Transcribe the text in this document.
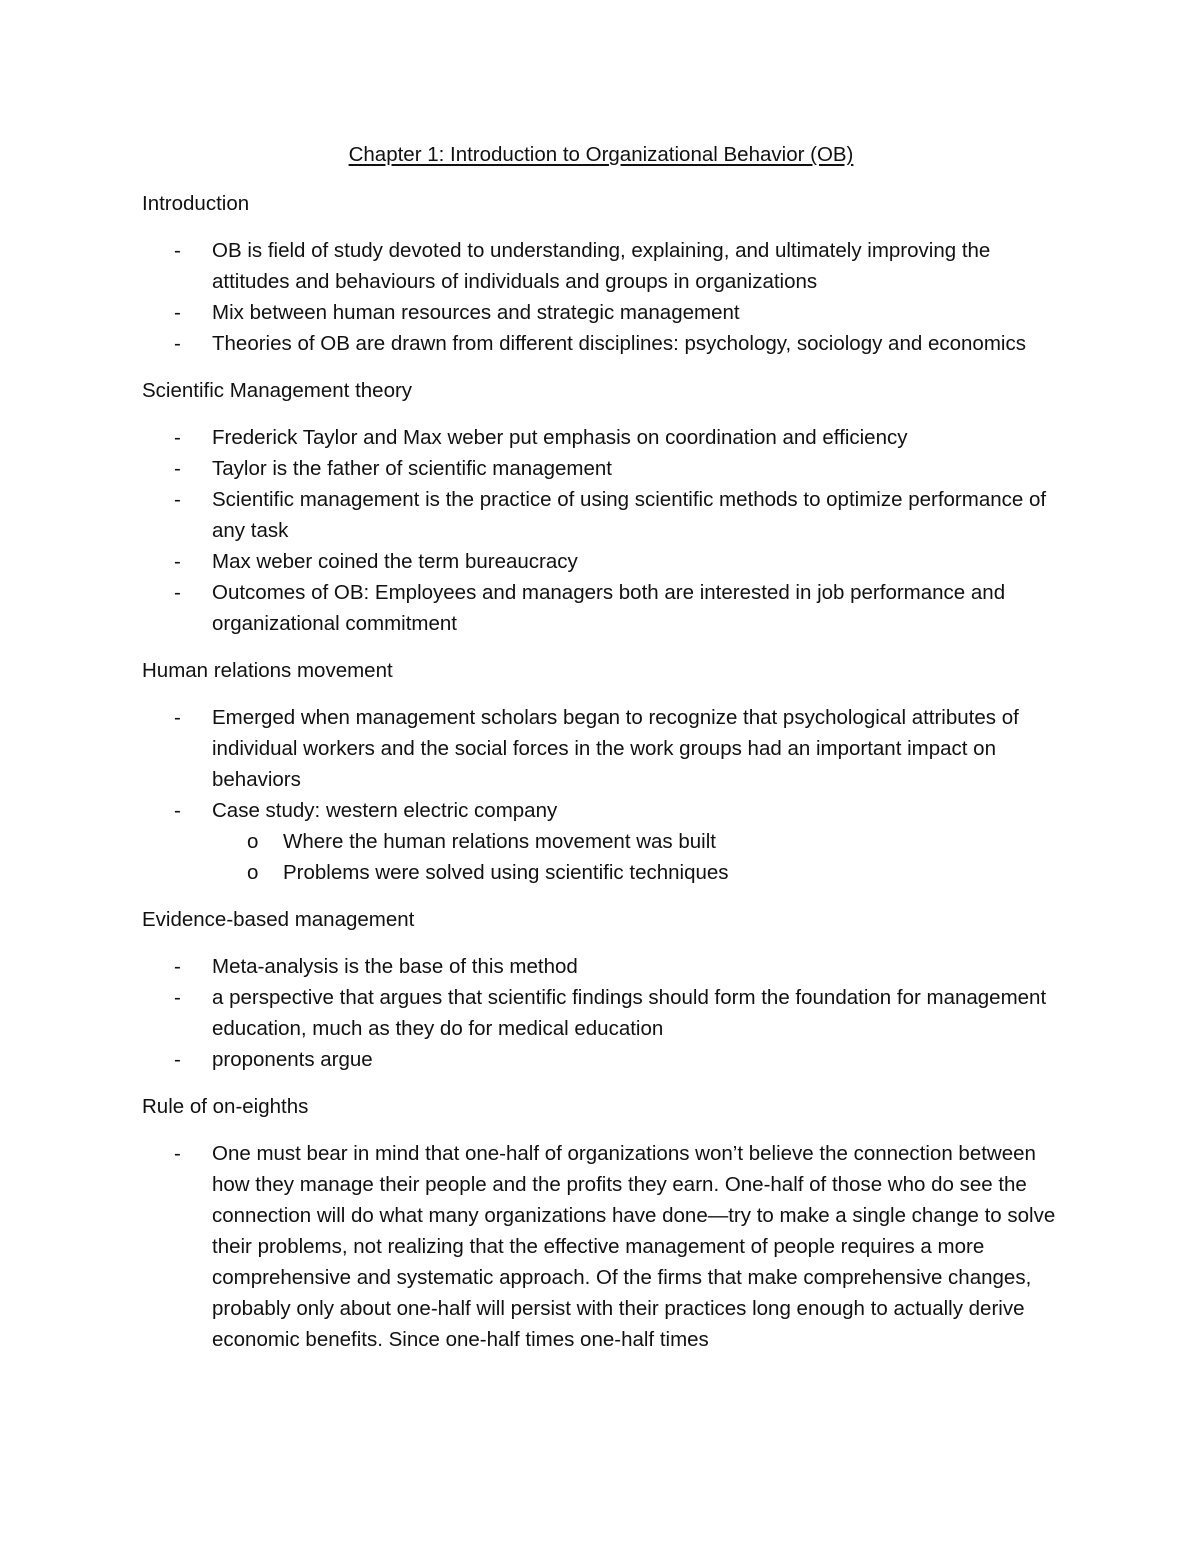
Chapter 1: Introduction to Organizational Behavior (OB)
Introduction
- OB is field of study devoted to understanding, explaining, and ultimately improving the attitudes and behaviours of individuals and groups in organizations
- Mix between human resources and strategic management
- Theories of OB are drawn from different disciplines: psychology, sociology and economics
Scientific Management theory
- Frederick Taylor and Max weber put emphasis on coordination and efficiency
- Taylor is the father of scientific management
- Scientific management is the practice of using scientific methods to optimize performance of any task
- Max weber coined the term bureaucracy
- Outcomes of OB: Employees and managers both are interested in job performance and organizational commitment
Human relations movement
- Emerged when management scholars began to recognize that psychological attributes of individual workers and the social forces in the work groups had an important impact on behaviors
- Case study: western electric company
o Where the human relations movement was built
o Problems were solved using scientific techniques
Evidence-based management
- Meta-analysis is the base of this method
- a perspective that argues that scientific findings should form the foundation for management education, much as they do for medical education
- proponents argue
Rule of on-eighths
- One must bear in mind that one-half of organizations won’t believe the connection between how they manage their people and the profits they earn. One-half of those who do see the connection will do what many organizations have done—try to make a single change to solve their problems, not realizing that the effective management of people requires a more comprehensive and systematic approach. Of the firms that make comprehensive changes, probably only about one-half will persist with their practices long enough to actually derive economic benefits. Since one-half times one-half times
